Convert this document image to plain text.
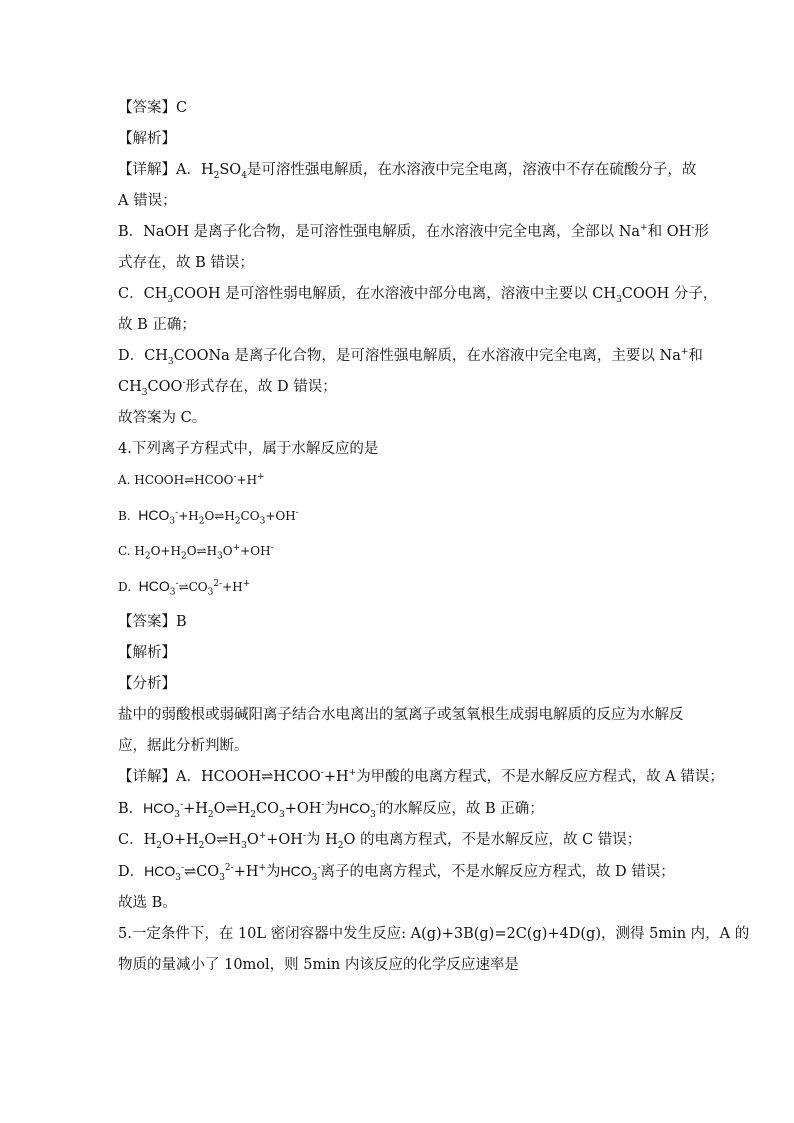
【答案】C

【解析】

【详解】A．$H_2SO_4$是可溶性强电解质，在水溶液中完全电离，溶液中不存在硫酸分子，故

A 错误；

B．NaOH 是离子化合物，是可溶性强电解质，在水溶液中完全电离，全部以 Na+和 OH-形

式存在，故 B 错误；

C．$CH_3COOH$ 是可溶性弱电解质，在水溶液中部分电离，溶液中主要以 $CH_3COOH$ 分子，

故 B 正确；

D．$CH_3COONa$ 是离子化合物，是可溶性强电解质，在水溶液中完全电离，主要以 Na+和

$CH_3COO^-$形式存在，故 D 错误；

故答案为 C。

4.下列离子方程式中，属于水解反应的是

A. HCOOH⇌HCOO-+H+

B. $HCO_3^-+H_2O\rightleftharpoons H_2CO_3+OH^-$

C. $H_2O+H_2O\rightleftharpoons H_3O^++OH^-$

D. $HCO_3^-\rightleftharpoons CO_3^{2-}+H^+$

【答案】B

【解析】

【分析】

盐中的弱酸根或弱碱阳离子结合水电离出的氢离子或氢氧根生成弱电解质的反应为水解反

应，据此分析判断。

【详解】A．HCOOH⇌HCOO-+H+为甲酸的电离方程式，不是水解反应方程式，故 A 错误；

B．$HCO_3^-+H_2O\rightleftharpoons H_2CO_3+OH^-$为$HCO_3^-$的水解反应，故 B 正确；

C．$H_2O+H_2O\rightleftharpoons H_3O^++OH^-$为 $H_2O$ 的电离方程式，不是水解反应，故 C 错误；

D．$HCO_3^-\rightleftharpoons CO_3^{2-}+H^+$为$HCO_3^-$离子的电离方程式，不是水解反应方程式，故 D 错误；

故选 B。

5.一定条件下，在 10L 密闭容器中发生反应: A(g)+3B(g)=2C(g)+4D(g)，测得 5min 内，A 的

物质的量减小了 10mol，则 5min 内该反应的化学反应速率是
